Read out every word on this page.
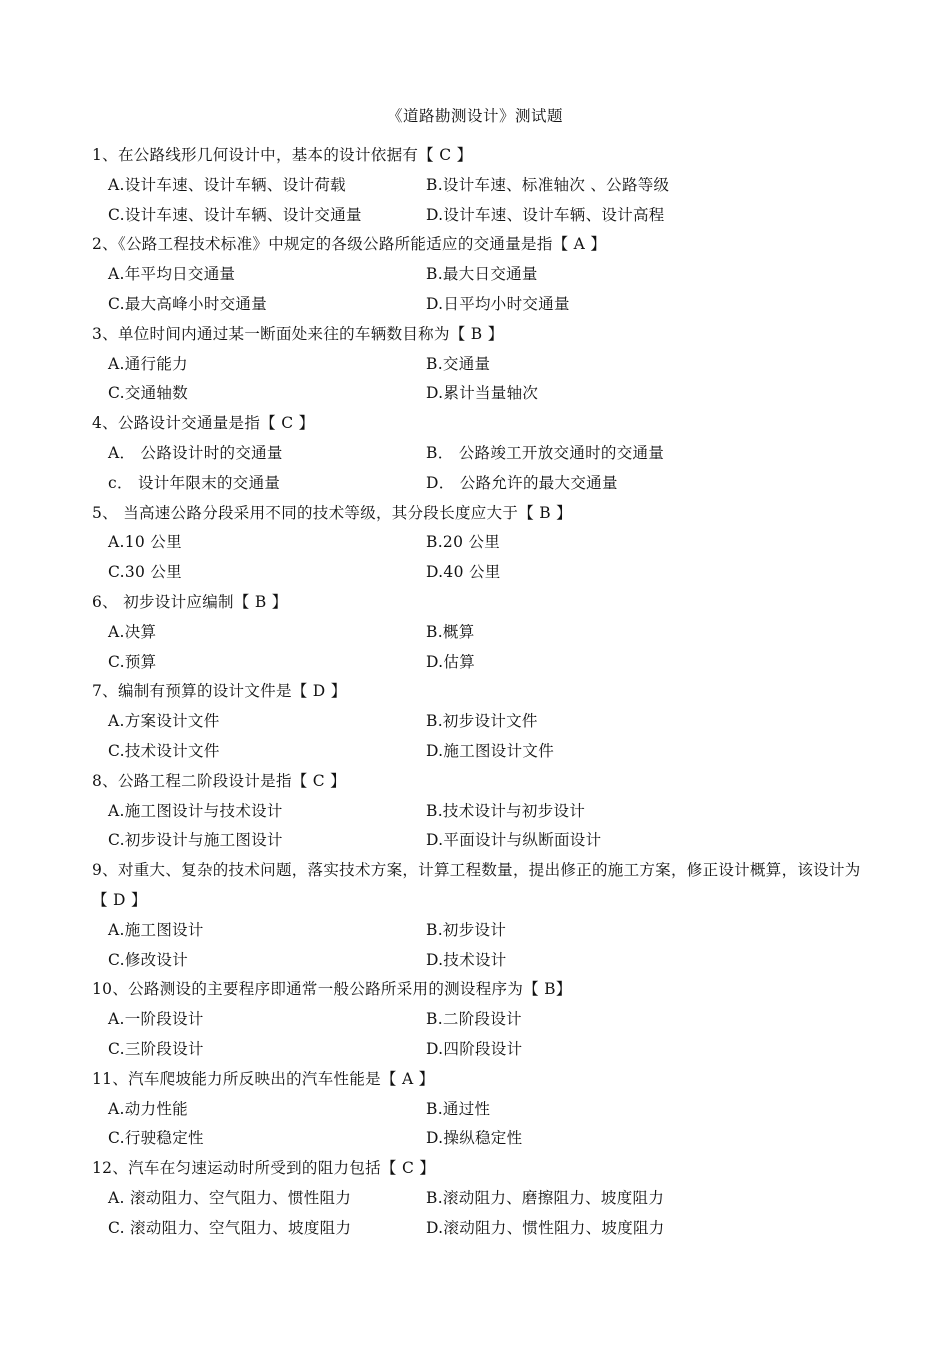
《道路勘测设计》测试题
1、在公路线形几何设计中，基本的设计依据有【 C 】
A.设计车速、设计车辆、设计荷载	B.设计车速、标准轴次 、公路等级
C.设计车速、设计车辆、设计交通量	D.设计车速、设计车辆、设计高程
2、《公路工程技术标准》中规定的各级公路所能适应的交通量是指【 A 】
A.年平均日交通量	B.最大日交通量
C.最大高峰小时交通量	D.日平均小时交通量
3、单位时间内通过某一断面处来往的车辆数目称为【 B 】
A.通行能力	B.交通量
C.交通轴数	D.累计当量轴次
4、公路设计交通量是指【 C 】
A． 公路设计时的交通量	B． 公路竣工开放交通时的交通量
c． 设计年限末的交通量	D． 公路允许的最大交通量
5、 当高速公路分段采用不同的技术等级，其分段长度应大于【 B 】
A.10 公里	B.20 公里
C.30 公里	D.40 公里
6、 初步设计应编制【 B 】
A.决算	B.概算
C.预算	D.估算
7、编制有预算的设计文件是【 D 】
A.方案设计文件	B.初步设计文件
C.技术设计文件	D.施工图设计文件
8、公路工程二阶段设计是指【 C 】
A.施工图设计与技术设计	B.技术设计与初步设计
C.初步设计与施工图设计	D.平面设计与纵断面设计
9、对重大、复杂的技术问题，落实技术方案，计算工程数量，提出修正的施工方案，修正设计概算，该设计为【 D 】
A.施工图设计	B.初步设计
C.修改设计	D.技术设计
10、公路测设的主要程序即通常一般公路所采用的测设程序为【 B】
A.一阶段设计	B.二阶段设计
C.三阶段设计	D.四阶段设计
11、汽车爬坡能力所反映出的汽车性能是【 A 】
A.动力性能	B.通过性
C.行驶稳定性	D.操纵稳定性
12、汽车在匀速运动时所受到的阻力包括【 C 】
A. 滚动阻力、空气阻力、惯性阻力	B.滚动阻力、磨擦阻力、坡度阻力
C. 滚动阻力、空气阻力、坡度阻力	D.滚动阻力、惯性阻力、坡度阻力
